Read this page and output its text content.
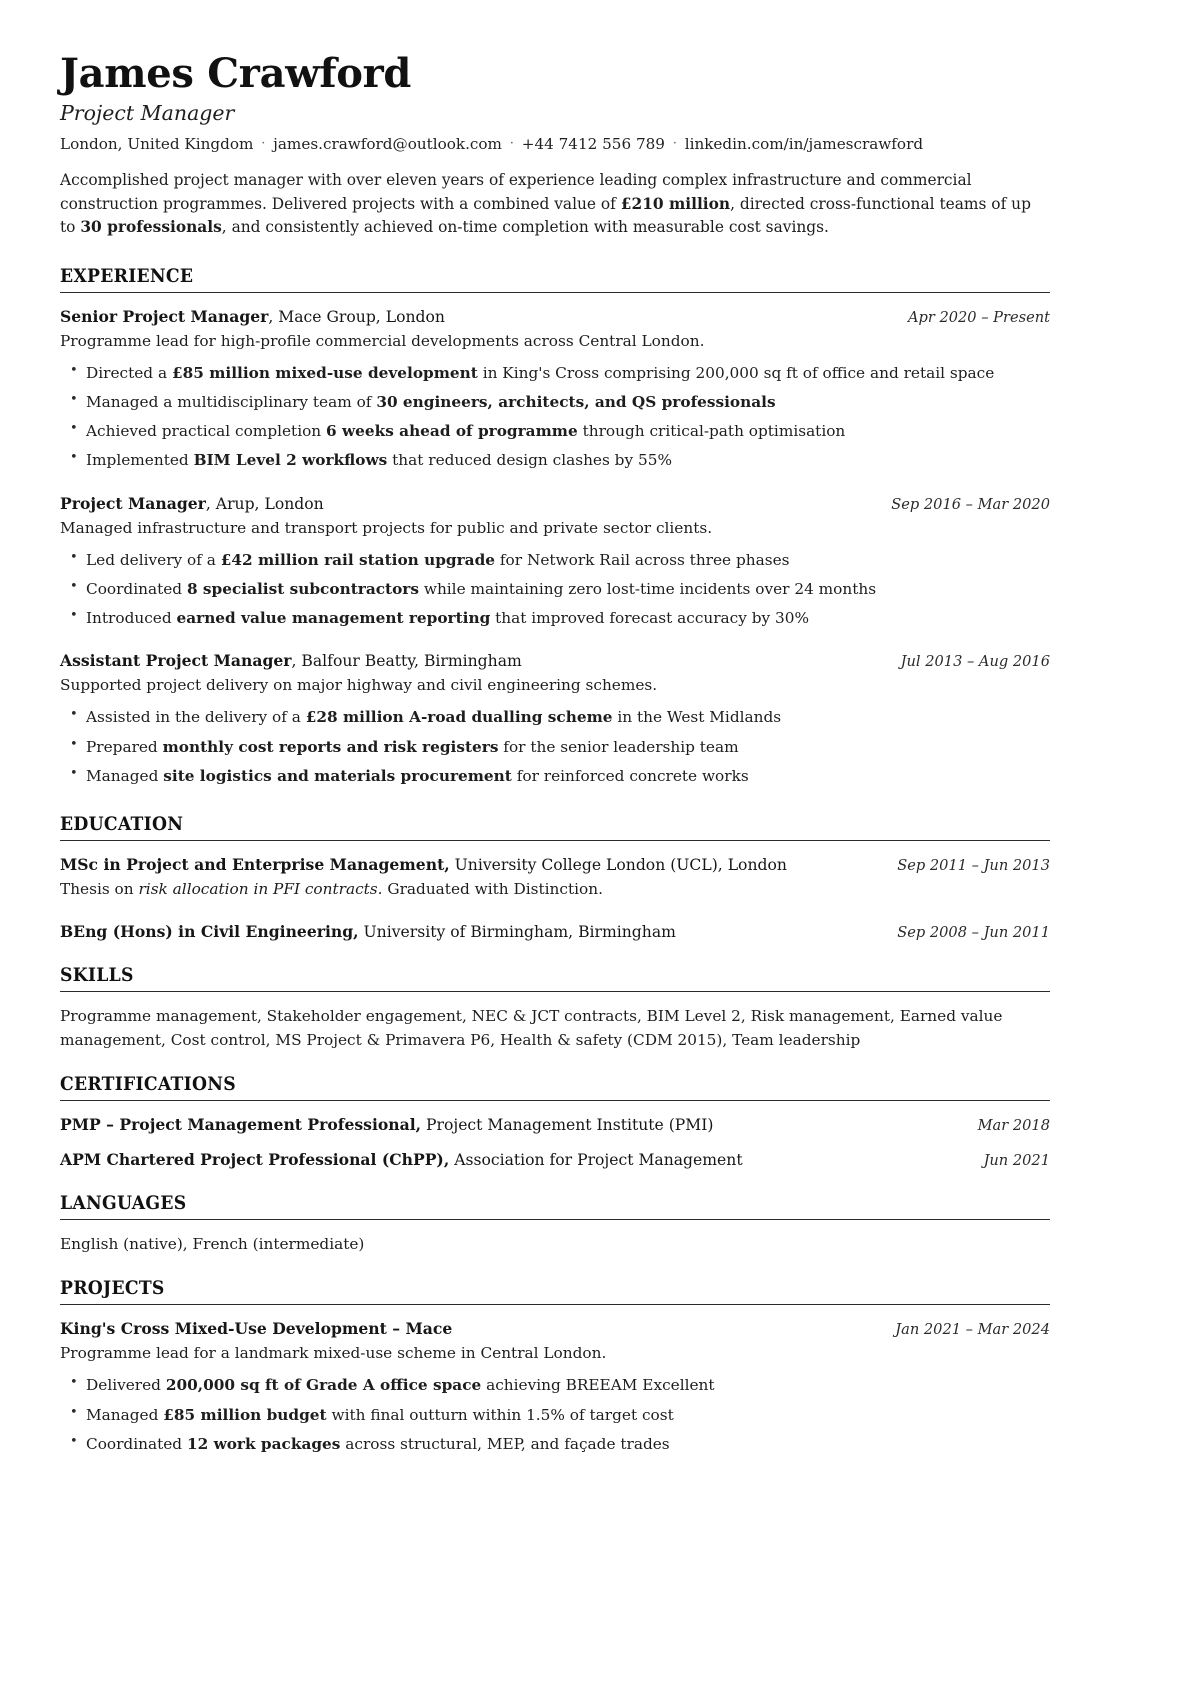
James Crawford
Project Manager
London, United Kingdom · james.crawford@outlook.com · +44 7412 556 789 · linkedin.com/in/jamescrawford

Accomplished project manager with over eleven years of experience leading complex infrastructure and commercial construction programmes. Delivered projects with a combined value of £210 million, directed cross-functional teams of up to 30 professionals, and consistently achieved on-time completion with measurable cost savings.

EXPERIENCE
Senior Project Manager, Mace Group, London	Apr 2020 – Present

Programme lead for high-profile commercial developments across Central London.

• Directed a £85 million mixed-use development in King's Cross comprising 200,000 sq ft of office and retail space
• Managed a multidisciplinary team of 30 engineers, architects, and QS professionals
• Achieved practical completion 6 weeks ahead of programme through critical-path optimisation
• Implemented BIM Level 2 workflows that reduced design clashes by 55%
Project Manager, Arup, London	Sep 2016 – Mar 2020

Managed infrastructure and transport projects for public and private sector clients.

• Led delivery of a £42 million rail station upgrade for Network Rail across three phases
• Coordinated 8 specialist subcontractors while maintaining zero lost-time incidents over 24 months
• Introduced earned value management reporting that improved forecast accuracy by 30%
Assistant Project Manager, Balfour Beatty, Birmingham	Jul 2013 – Aug 2016

Supported project delivery on major highway and civil engineering schemes.

• Assisted in the delivery of a £28 million A-road dualling scheme in the West Midlands
• Prepared monthly cost reports and risk registers for the senior leadership team
• Managed site logistics and materials procurement for reinforced concrete works
EDUCATION
MSc in Project and Enterprise Management, University College London (UCL), London	Sep 2011 – Jun 2013

Thesis on risk allocation in PFI contracts. Graduated with Distinction.

BEng (Hons) in Civil Engineering, University of Birmingham, Birmingham	Sep 2008 – Jun 2011
SKILLS

Programme management, Stakeholder engagement, NEC & JCT contracts, BIM Level 2, Risk management, Earned value management, Cost control, MS Project & Primavera P6, Health & safety (CDM 2015), Team leadership

CERTIFICATIONS
PMP – Project Management Professional, Project Management Institute (PMI)	Mar 2018
APM Chartered Project Professional (ChPP), Association for Project Management	Jun 2021
LANGUAGES

English (native), French (intermediate)

PROJECTS
King's Cross Mixed-Use Development – Mace	Jan 2021 – Mar 2024

Programme lead for a landmark mixed-use scheme in Central London.

• Delivered 200,000 sq ft of Grade A office space achieving BREEAM Excellent
• Managed £85 million budget with final outturn within 1.5% of target cost
• Coordinated 12 work packages across structural, MEP, and façade trades
